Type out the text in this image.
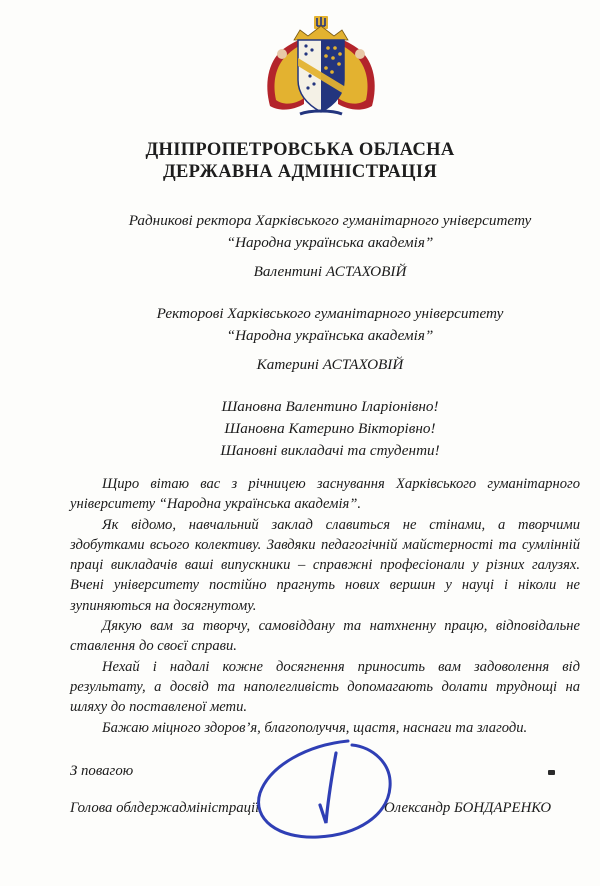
ДНІПРОПЕТРОВСЬКА ОБЛАСНА
ДЕРЖАВНА АДМІНІСТРАЦІЯ
Радникові ректора Харківського гуманітарного університету
“Народна українська академія”
Валентині АСТАХОВІЙ
Ректорові Харківського гуманітарного університету
“Народна українська академія”
Катерині АСТАХОВІЙ
Шановна Валентино Іларіонівно!
Шановна Катерино Вікторівно!
Шановні викладачі та студенти!

Щиро вітаю вас з річницею заснування Харківського гуманітарного університету “Народна українська академія”.

Як відомо, навчальний заклад славиться не стінами, а творчими здобутками всього колективу. Завдяки педагогічній майстерності та сумлінній праці викладачів ваші випускники – справжні професіонали у різних галузях. Вчені університету постійно прагнуть нових вершин у науці і ніколи не зупиняються на досягнутому.

Дякую вам за творчу, самовіддану та натхненну працю, відповідальне ставлення до своєї справи.

Нехай і надалі кожне досягнення приносить вам задоволення від результату, а досвід та наполегливість допомагають долати труднощі на шляху до поставленої мети.

Бажаю міцного здоров’я, благополуччя, щастя, наснаги та злагоди.

З повагою
Голова облдержадміністрації	Олександр БОНДАРЕНКО
